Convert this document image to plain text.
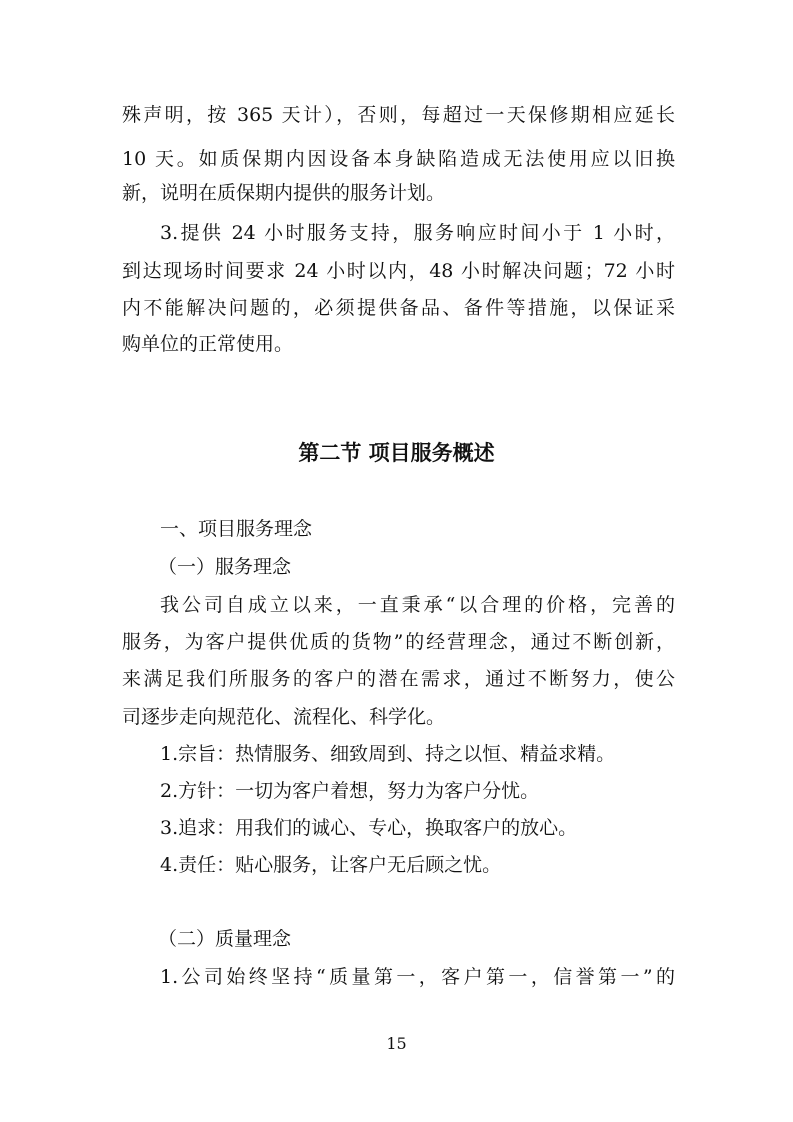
殊声明，按 365 天计），否则，每超过一天保修期相应延长
10 天。如质保期内因设备本身缺陷造成无法使用应以旧换
新，说明在质保期内提供的服务计划。
3.提供 24 小时服务支持，服务响应时间小于 1 小时，
到达现场时间要求 24 小时以内，48 小时解决问题；72 小时
内不能解决问题的，必须提供备品、备件等措施，以保证采
购单位的正常使用。
第二节 项目服务概述
一、项目服务理念
（一）服务理念
我公司自成立以来，一直秉承“以合理的价格，完善的
服务，为客户提供优质的货物”的经营理念，通过不断创新，
来满足我们所服务的客户的潜在需求，通过不断努力，使公
司逐步走向规范化、流程化、科学化。
1.宗旨：热情服务、细致周到、持之以恒、精益求精。
2.方针：一切为客户着想，努力为客户分忧。
3.追求：用我们的诚心、专心，换取客户的放心。
4.责任：贴心服务，让客户无后顾之忧。
（二）质量理念
1.公司始终坚持“质量第一，客户第一，信誉第一”的
15
